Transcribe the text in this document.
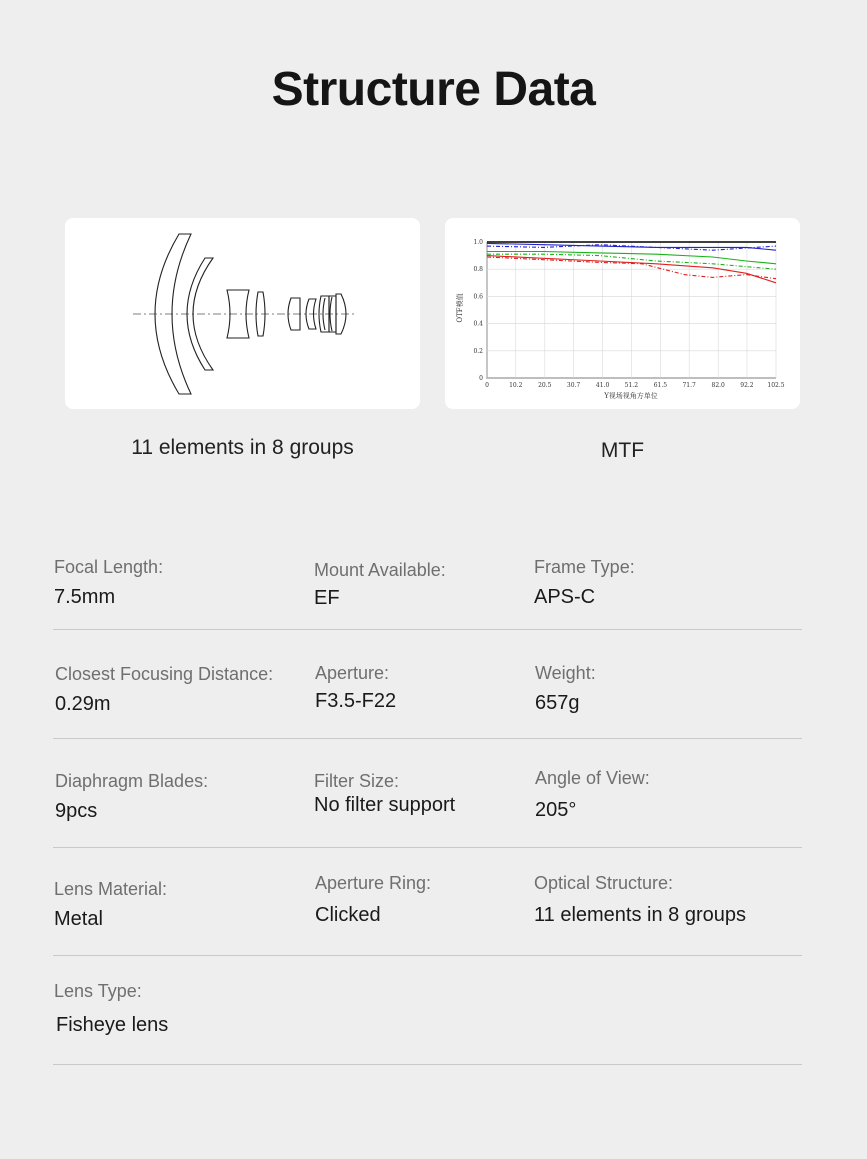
Structure Data
0	10.2	20.5	30.7	41.0	51.2	61.5	71.7	82.0	92.2 102.5
1.0
0.8
0.6
0.4
0.2
0
OTF模值
Y视场视角方单位
11 elements in 8 groups	MTF
Focal Length:
7.5mm
Mount Available:
EF
Frame Type:
APS-C
Closest Focusing Distance:
0.29m
Aperture:
F3.5-F22
Weight:
657g
Diaphragm Blades:
9pcs
Filter Size:
No filter support
Angle of View:
205°
Lens Material:
Metal
Aperture Ring:
Clicked
Optical Structure:
11 elements in 8 groups
Lens Type:
Fisheye lens
